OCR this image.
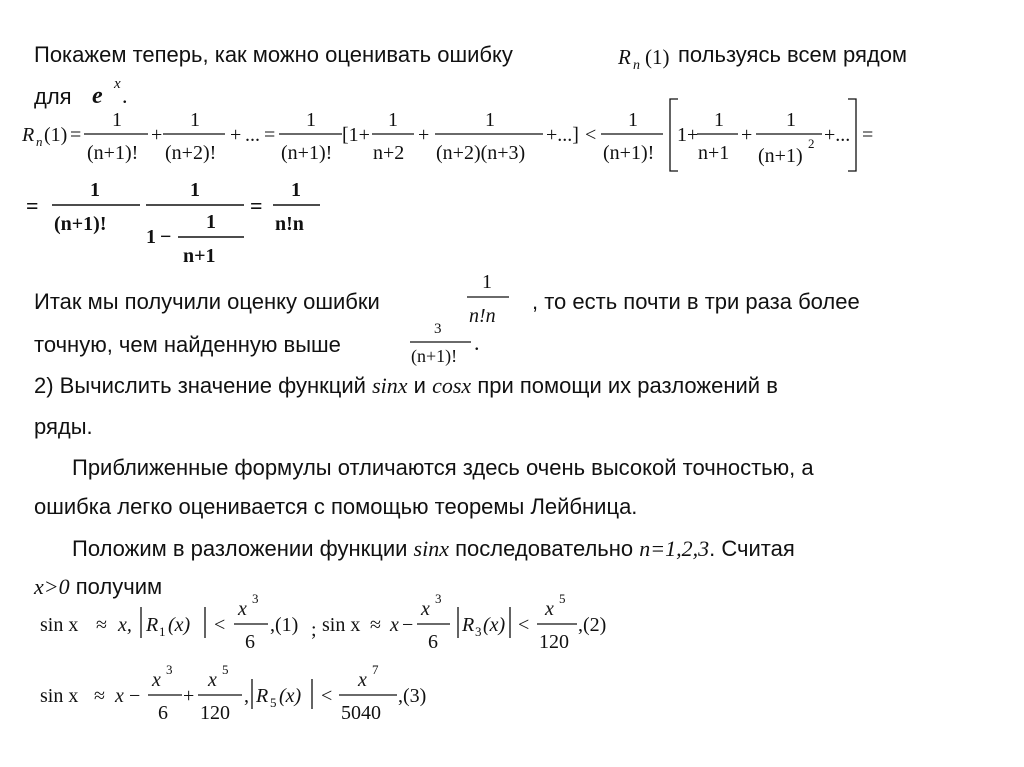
Покажем теперь, как можно оценивать ошибку	пользуясь всем рядом
для
Итак мы получили оценку ошибки	, то есть почти в три раза более
точную, чем найденную выше
2) Вычислить значение функций sinx и cosx при помощи их разложений в
ряды.
Приближенные формулы отличаются здесь очень высокой точностью, а
ошибка легко оценивается с помощью теоремы Лейбница.
Положим в разложении функции sinx последовательно n=1,2,3. Считая
x>0 получим
R n (1)
e x .
R n (1) =
1
(n+1)!
+
1
(n+2)!
+ ... =
1
(n+1)!
[1+
1
n+2
+
1
(n+2)(n+3)
+...] <
1
(n+1)!
1+
1
n+1
+
1
(n+1)
2 +... =
=
1
(n+1)!
1
1 −
1
n+1
=
1
n!n
1
n!n
3
(n+1)!
.
sin x ≈ x, R 1 (x) <
x 3
6
,(1) ; sin x ≈ x −
x 3
6
R 3 (x) <
x 5
120
,(2)
sin x ≈ x −
x 3
6
+
x 5
120
, R 5 (x) <
x 7
5040
,(3)
